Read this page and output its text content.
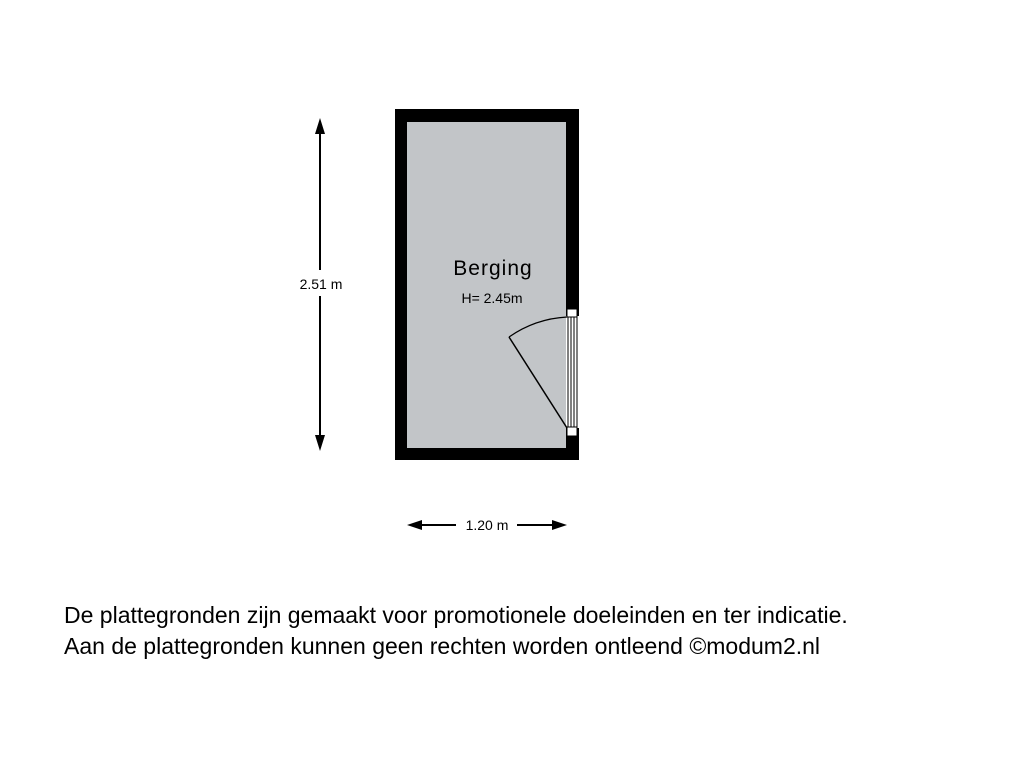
Berging
H= 2.45m
2.51 m
1.20 m
De plattegronden zijn gemaakt voor promotionele doeleinden en ter indicatie.
Aan de plattegronden kunnen geen rechten worden ontleend ©modum2.nl
